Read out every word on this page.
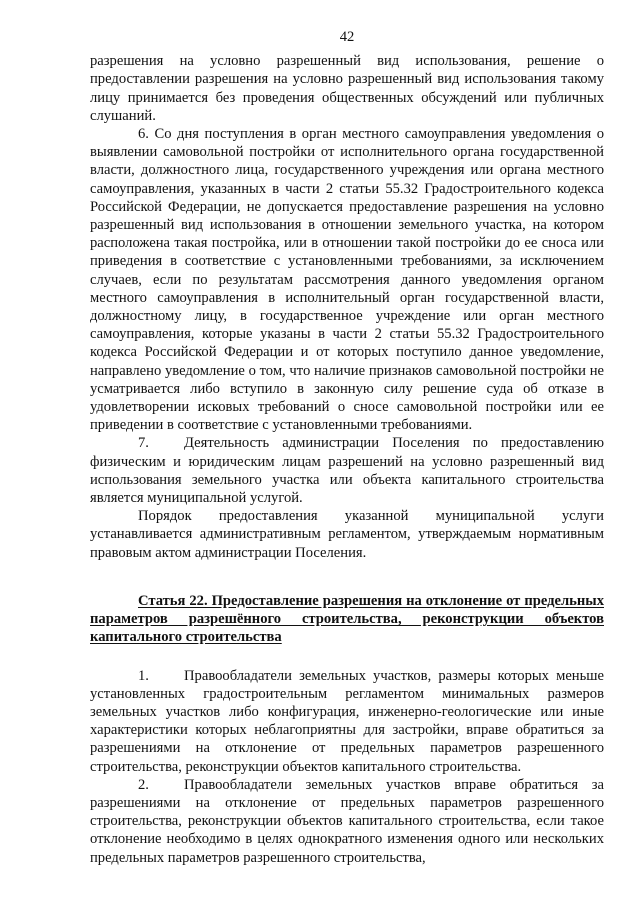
42

разрешения на условно разрешенный вид использования, решение о предоставлении разрешения на условно разрешенный вид использования такому лицу принимается без проведения общественных обсуждений или публичных слушаний.

6. Со дня поступления в орган местного самоуправления уведомления о выявлении самовольной постройки от исполнительного органа государственной власти, должностного лица, государственного учреждения или органа местного самоуправления, указанных в части 2 статьи 55.32 Градостроительного кодекса Российской Федерации, не допускается предоставление разрешения на условно разрешенный вид использования в отношении земельного участка, на котором расположена такая постройка, или в отношении такой постройки до ее сноса или приведения в соответствие с установленными требованиями, за исключением случаев, если по результатам рассмотрения данного уведомления органом местного самоуправления в исполнительный орган государственной власти, должностному лицу, в государственное учреждение или орган местного самоуправления, которые указаны в части 2 статьи 55.32 Градостроительного кодекса Российской Федерации и от которых поступило данное уведомление, направлено уведомление о том, что наличие признаков самовольной постройки не усматривается либо вступило в законную силу решение суда об отказе в удовлетворении исковых требований о сносе самовольной постройки или ее приведении в соответствие с установленными требованиями.

7. Деятельность администрации Поселения по предоставлению физическим и юридическим лицам разрешений на условно разрешенный вид использования земельного участка или объекта капитального строительства является муниципальной услугой.

Порядок предоставления указанной муниципальной услуги устанавливается административным регламентом, утверждаемым нормативным правовым актом администрации Поселения.

Статья 22. Предоставление разрешения на отклонение от предельных параметров разрешённого строительства, реконструкции объектов капитального строительства

1. Правообладатели земельных участков, размеры которых меньше установленных градостроительным регламентом минимальных размеров земельных участков либо конфигурация, инженерно-геологические или иные характеристики которых неблагоприятны для застройки, вправе обратиться за разрешениями на отклонение от предельных параметров разрешенного строительства, реконструкции объектов капитального строительства.

2. Правообладатели земельных участков вправе обратиться за разрешениями на отклонение от предельных параметров разрешенного строительства, реконструкции объектов капитального строительства, если такое отклонение необходимо в целях однократного изменения одного или нескольких предельных параметров разрешенного строительства,
